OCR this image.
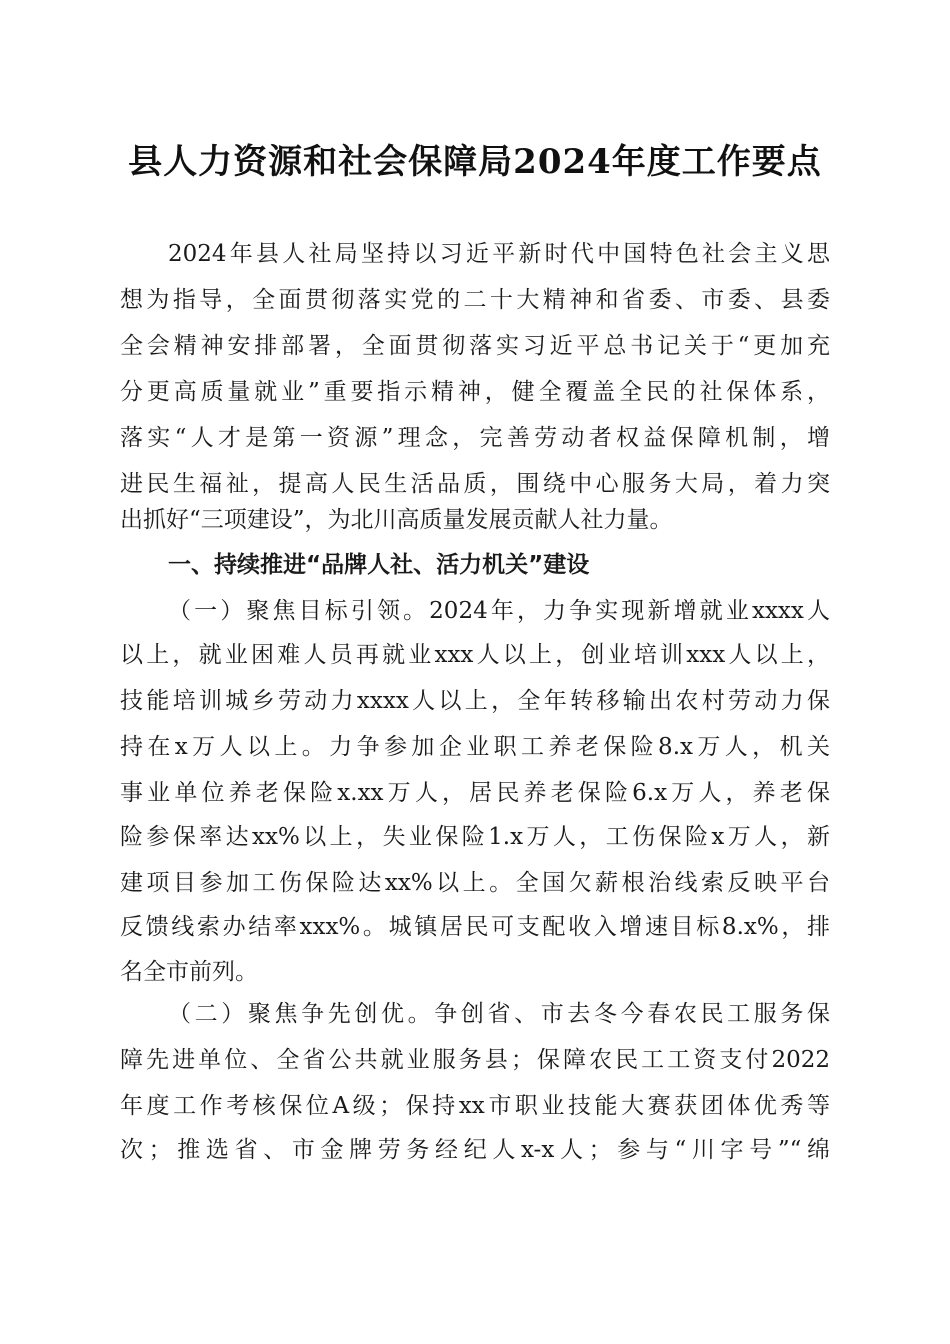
县人力资源和社会保障局2024年度工作要点
2024年县人社局坚持以习近平新时代中国特色社会主义思
想为指导，全面贯彻落实党的二十大精神和省委、市委、县委
全会精神安排部署，全面贯彻落实习近平总书记关于“更加充
分更高质量就业”重要指示精神，健全覆盖全民的社保体系，
落实“人才是第一资源”理念，完善劳动者权益保障机制，增
进民生福祉，提高人民生活品质，围绕中心服务大局，着力突
出抓好“三项建设”，为北川高质量发展贡献人社力量。
一、持续推进“品牌人社、活力机关”建设
（一）聚焦目标引领。2024年，力争实现新增就业xxxx人
以上，就业困难人员再就业xxx人以上，创业培训xxx人以上，
技能培训城乡劳动力xxxx人以上，全年转移输出农村劳动力保
持在x万人以上。力争参加企业职工养老保险8.x万人，机关
事业单位养老保险x.xx万人，居民养老保险6.x万人，养老保
险参保率达xx%以上，失业保险1.x万人，工伤保险x万人，新
建项目参加工伤保险达xx%以上。全国欠薪根治线索反映平台
反馈线索办结率xxx%。城镇居民可支配收入增速目标8.x%，排
名全市前列。
（二）聚焦争先创优。争创省、市去冬今春农民工服务保
障先进单位、全省公共就业服务县；保障农民工工资支付2022
年度工作考核保位A级；保持xx市职业技能大赛获团体优秀等
次；推选省、市金牌劳务经纪人x-x人；参与“川字号”“绵
